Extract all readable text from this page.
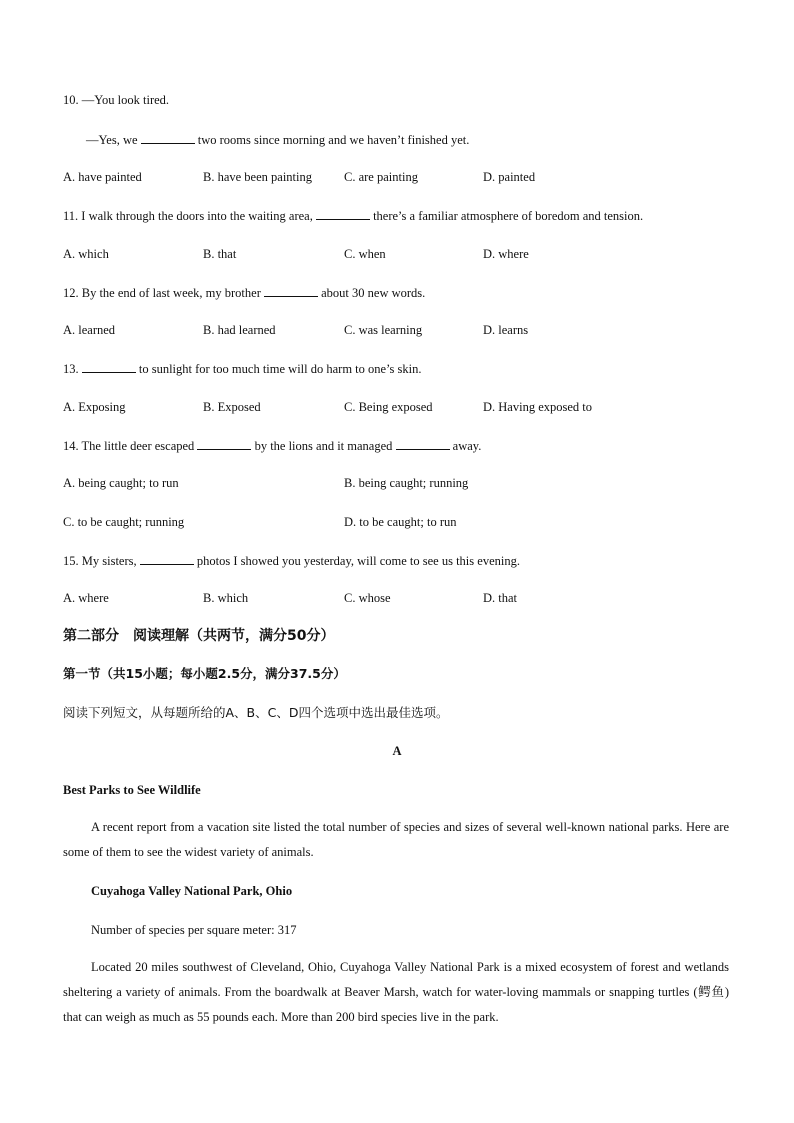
10. —You look tired.
—Yes, we	two rooms since morning and we haven’t finished yet.
A. have painted	B. have been painting	C. are painting	D. painted
11. I walk through the doors into the waiting area,	there’s a familiar atmosphere of boredom and tension.
A. which	B. that	C. when	D. where
12. By the end of last week, my brother	about 30 new words.
A. learned	B. had learned	C. was learning	D. learns
13.	to sunlight for too much time will do harm to one’s skin.
A. Exposing	B. Exposed	C. Being exposed	D. Having exposed to
14. The little deer escaped	by the lions and it managed	away.
A. being caught; to run	B. being caught; running
C. to be caught; running	D. to be caught; to run
15. My sisters,	photos I showed you yesterday, will come to see us this evening.
A. where	B. which	C. whose	D. that
第二部分　阅读理解（共两节，满分50分）
第一节（共15小题；每小题2.5分，满分37.5分）
阅读下列短文，从每题所给的A、B、C、D四个选项中选出最佳选项。
A
Best Parks to See Wildlife

A recent report from a vacation site listed the total number of species and sizes of several well-known national parks. Here are some of them to see the widest variety of animals.

Cuyahoga Valley National Park, Ohio
Number of species per square meter: 317

Located 20 miles southwest of Cleveland, Ohio, Cuyahoga Valley National Park is a mixed ecosystem of forest and wetlands sheltering a variety of animals. From the boardwalk at Beaver Marsh, watch for water-loving mammals or snapping turtles (鳄鱼) that can weigh as much as 55 pounds each. More than 200 bird species live in the park.
